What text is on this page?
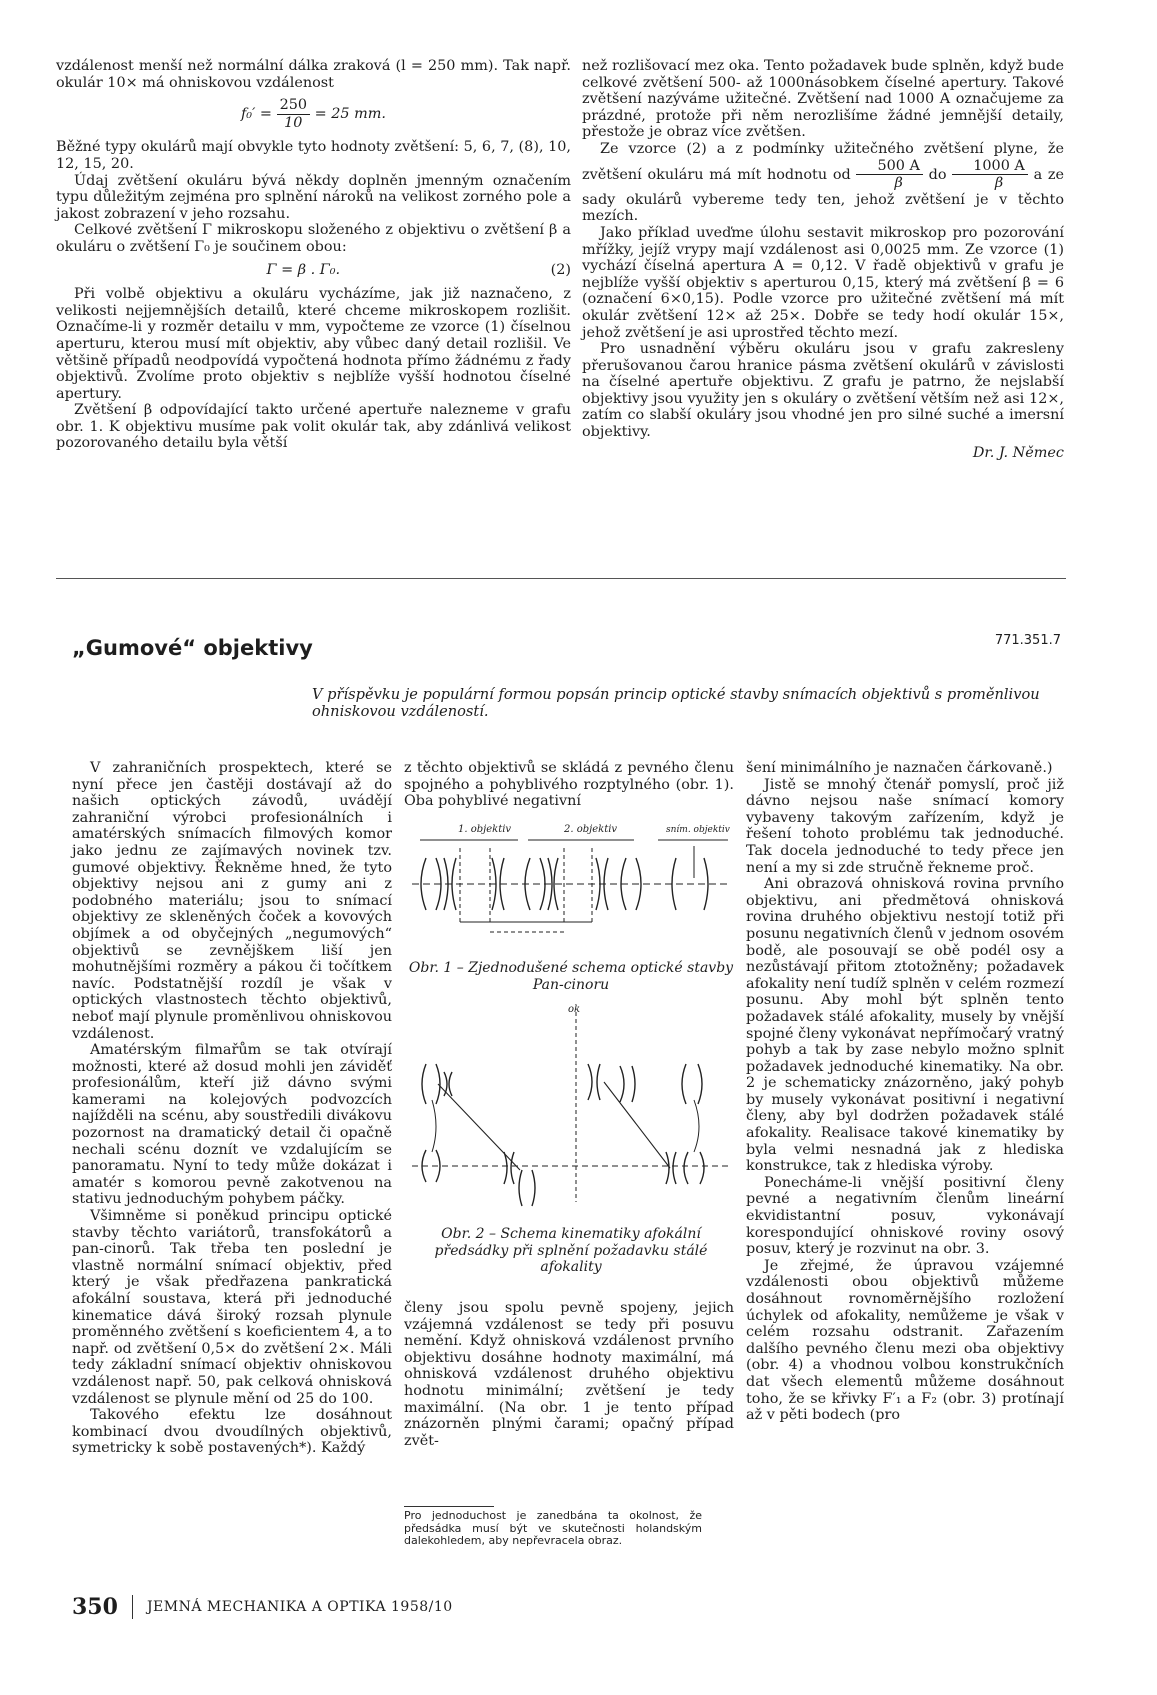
vzdálenost menší než normální dálka zraková (l = 250 mm). Tak např. okulár 10× má ohniskovou vzdálenost

$f_0' = \frac{250}{10} = 25$ mm.

Běžné typy okulárů mají obvykle tyto hodnoty zvětšení: 5, 6, 7, (8), 10, 12, 15, 20.

Údaj zvětšení okuláru bývá někdy doplněn jmenným označením typu důležitým zejména pro splnění nároků na velikost zorného pole a jakost zobrazení v jeho rozsahu.

Celkové zvětšení Γ mikroskopu složeného z objektivu o zvětšení β a okuláru o zvětšení Γ₀ je součinem obou:

Γ = β . Γ₀.	(2)

Při volbě objektivu a okuláru vycházíme, jak již naznačeno, z velikosti nejjemnějších detailů, které chceme mikroskopem rozlišit. Označíme-li y rozměr detailu v mm, vypočteme ze vzorce (1) číselnou aperturu, kterou musí mít objektiv, aby vůbec daný detail rozlišil. Ve většině případů neodpovídá vypočtená hodnota přímo žádnému z řady objektivů. Zvolíme proto objektiv s nejblíže vyšší hodnotou číselné apertury.

Zvětšení β odpovídající takto určené apertuře nalezneme v grafu obr. 1. K objektivu musíme pak volit okulár tak, aby zdánlivá velikost pozorovaného detailu byla větší

než rozlišovací mez oka. Tento požadavek bude splněn, když bude celkové zvětšení 500- až 1000násobkem číselné apertury. Takové zvětšení nazýváme užitečné. Zvětšení nad 1000 A označujeme za prázdné, protože při něm nerozlišíme žádné jemnější detaily, přestože je obraz více zvětšen.

Ze vzorce (2) a z podmínky užitečného zvětšení plyne, že zvětšení okuláru má mít hodnotu od $\frac{500 A}{\beta}$ do $\frac{1000 A}{\beta}$ a ze sady okulárů vybereme tedy ten, jehož zvětšení je v těchto mezích.

Jako příklad uveďme úlohu sestavit mikroskop pro pozorování mřížky, jejíž vrypy mají vzdálenost asi 0,0025 mm. Ze vzorce (1) vychází číselná apertura A = 0,12. V řadě objektivů v grafu je nejblíže vyšší objektiv s aperturou 0,15, který má zvětšení β = 6 (označení 6×0,15). Podle vzorce pro užitečné zvětšení má mít okulár zvětšení 12× až 25×. Dobře se tedy hodí okulár 15×, jehož zvětšení je asi uprostřed těchto mezí.

Pro usnadnění výběru okuláru jsou v grafu zakresleny přerušovanou čarou hranice pásma zvětšení okulárů v závislosti na číselné apertuře objektivu. Z grafu je patrno, že nejslabší objektivy jsou využity jen s okuláry o zvětšení větším než asi 12×, zatím co slabší okuláry jsou vhodné jen pro silné suché a imersní objektivy.

Dr. J. Němec
„Gumové“ objektivy	771.351.7
V příspěvku je populární formou popsán princip optické stavby snímacích objektivů s proměnlivou ohniskovou vzdáleností.

V zahraničních prospektech, které se nyní přece jen častěji dostávají až do našich optických závodů, uvádějí zahraniční výrobci profesionálních i amatérských snímacích filmových komor jako jednu ze zajímavých novinek tzv. gumové objektivy. Řekněme hned, že tyto objektivy nejsou ani z gumy ani z podobného materiálu; jsou to snímací objektivy ze skleněných čoček a kovových objímek a od obyčejných „negumových“ objektivů se zevnějškem liší jen mohutnějšími rozměry a pákou či točítkem navíc. Podstatnější rozdíl je však v optických vlastnostech těchto objektivů, neboť mají plynule proměnlivou ohniskovou vzdálenost.

Amatérským filmařům se tak otvírají možnosti, které až dosud mohli jen záviděť profesionálům, kteří již dávno svými kamerami na kolejových podvozcích najížděli na scénu, aby soustředili divákovu pozornost na dramatický detail či opačně nechali scénu doznít ve vzdalujícím se panoramatu. Nyní to tedy může dokázat i amatér s komorou pevně zakotvenou na stativu jednoduchým pohybem páčky.

Všimněme si poněkud principu optické stavby těchto variátorů, transfokátorů a pan-cinorů. Tak třeba ten poslední je vlastně normální snímací objektiv, před který je však předřazena pankratická afokální soustava, která při jednoduché kinematice dává široký rozsah plynule proměnného zvětšení s koeficientem 4, a to např. od zvětšení 0,5× do zvětšení 2×. Máli tedy základní snímací objektiv ohniskovou vzdálenost např. 50, pak celková ohnisková vzdálenost se plynule mění od 25 do 100.

Takového efektu lze dosáhnout kombinací dvou dvoudílných objektivů, symetricky k sobě postavených*). Každý

z těchto objektivů se skládá z pevného členu spojného a pohyblivého rozptylného (obr. 1). Oba pohyblivé negativní

1. objektiv	2. objektiv	sním. objektiv
Obr. 1 – Zjednodušené schema optické stavby Pan-cinoru
ok
Obr. 2 – Schema kinematiky afokální předsádky při splnění požadavku stálé afokality

členy jsou spolu pevně spojeny, jejich vzájemná vzdálenost se tedy při posuvu nemění. Když ohnisková vzdálenost prvního objektivu dosáhne hodnoty maximální, má ohnisková vzdálenost druhého objektivu hodnotu minimální; zvětšení je tedy maximální. (Na obr. 1 je tento případ znázorněn plnými čarami; opačný případ zvět-

Pro jednoduchost je zanedbána ta okolnost, že předsádka musí být ve skutečnosti holandským dalekohledem, aby nepřevracela obraz.

šení minimálního je naznačen čárkovaně.)

Jistě se mnohý čtenář pomyslí, proč již dávno nejsou naše snímací komory vybaveny takovým zařízením, když je řešení tohoto problému tak jednoduché. Tak docela jednoduché to tedy přece jen není a my si zde stručně řekneme proč.

Ani obrazová ohnisková rovina prvního objektivu, ani předmětová ohnisková rovina druhého objektivu nestojí totiž při posunu negativních členů v jednom osovém bodě, ale posouvají se obě podél osy a nezůstávají přitom ztotožněny; požadavek afokality není tudíž splněn v celém rozmezí posunu. Aby mohl být splněn tento požadavek stálé afokality, musely by vnější spojné členy vykonávat nepřímočarý vratný pohyb a tak by zase nebylo možno splnit požadavek jednoduché kinematiky. Na obr. 2 je schematicky znázorněno, jaký pohyb by musely vykonávat positivní i negativní členy, aby byl dodržen požadavek stálé afokality. Realisace takové kinematiky by byla velmi nesnadná jak z hlediska konstrukce, tak z hlediska výroby.

Ponecháme-li vnější positivní členy pevné a negativním členům lineární ekvidistantní posuv, vykonávají korespondující ohniskové roviny osový posuv, který je rozvinut na obr. 3.

Je zřejmé, že úpravou vzájemné vzdálenosti obou objektivů můžeme dosáhnout rovnoměrnějšího rozložení úchylek od afokality, nemůžeme je však v celém rozsahu odstranit. Zařazením dalšího pevného členu mezi oba objektivy (obr. 4) a vhodnou volbou konstrukčních dat všech elementů můžeme dosáhnout toho, že se křivky F′₁ a F₂ (obr. 3) protínají až v pěti bodech (pro

350 JEMNÁ MECHANIKA A OPTIKA 1958/10
